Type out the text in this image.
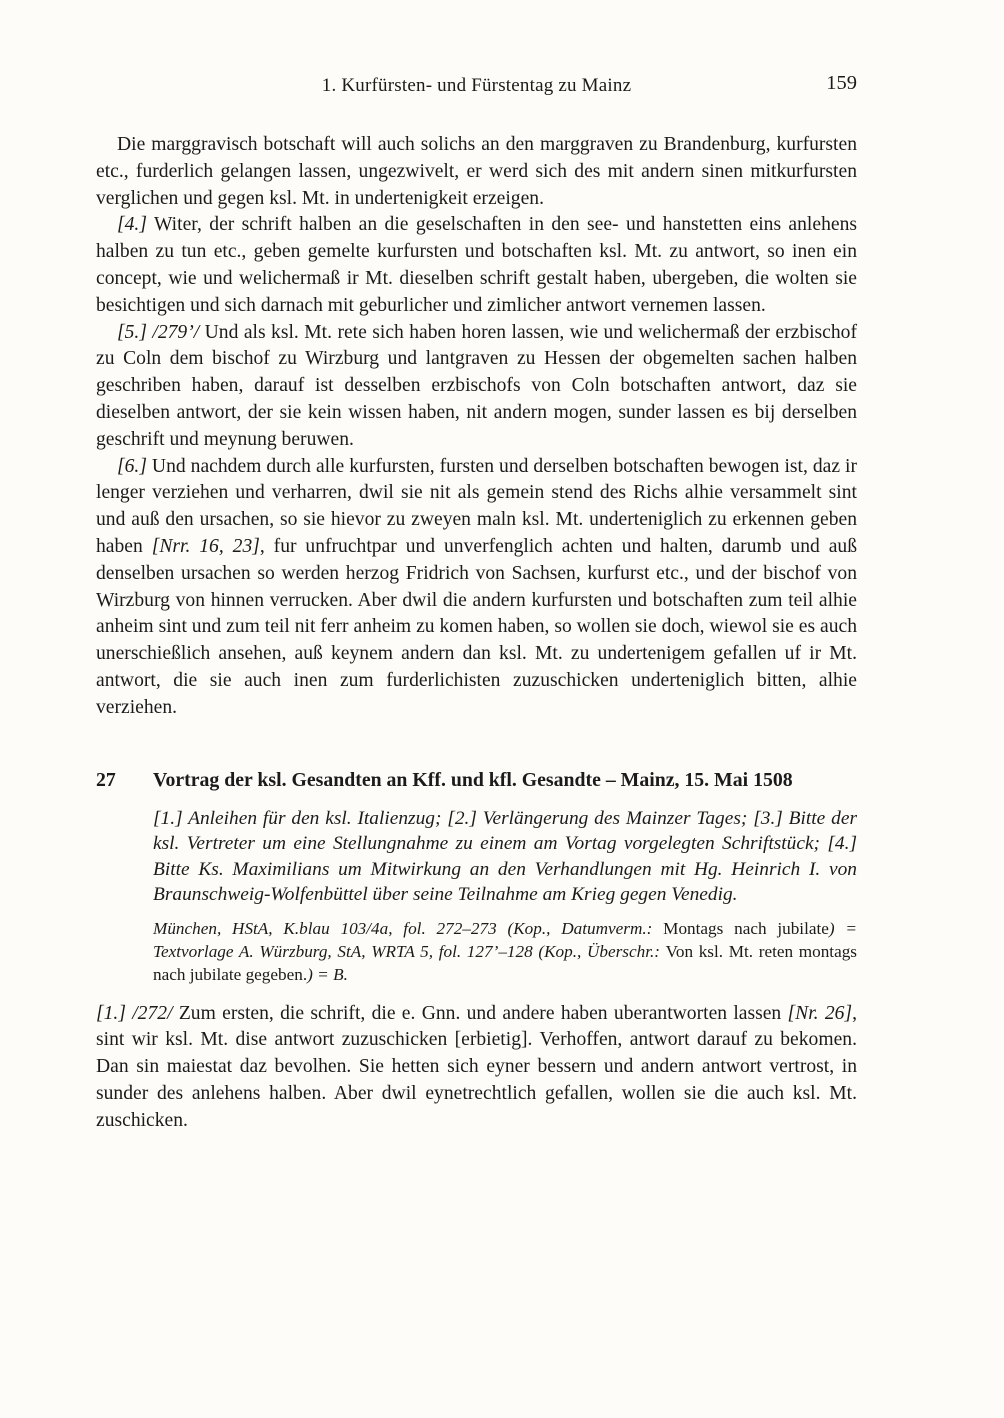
1. Kurfürsten- und Fürstentag zu Mainz	159

Die marggravisch botschaft will auch solichs an den marggraven zu Brandenburg, kurfursten etc., furderlich gelangen lassen, ungezwivelt, er werd sich des mit andern sinen mitkurfursten verglichen und gegen ksl. Mt. in undertenigkeit erzeigen.

[4.] Witer, der schrift halben an die geselschaften in den see- und hanstetten eins anlehens halben zu tun etc., geben gemelte kurfursten und botschaften ksl. Mt. zu antwort, so inen ein concept, wie und welichermaß ir Mt. dieselben schrift gestalt haben, ubergeben, die wolten sie besichtigen und sich darnach mit geburlicher und zimlicher antwort vernemen lassen.

[5.] /279’/ Und als ksl. Mt. rete sich haben horen lassen, wie und welichermaß der erzbischof zu Coln dem bischof zu Wirzburg und lantgraven zu Hessen der obgemelten sachen halben geschriben haben, darauf ist desselben erzbischofs von Coln botschaften antwort, daz sie dieselben antwort, der sie kein wissen haben, nit andern mogen, sunder lassen es bij derselben geschrift und meynung beruwen.

[6.] Und nachdem durch alle kurfursten, fursten und derselben botschaften bewogen ist, daz ir lenger verziehen und verharren, dwil sie nit als gemein stend des Richs alhie versammelt sint und auß den ursachen, so sie hievor zu zweyen maln ksl. Mt. underteniglich zu erkennen geben haben [Nrr. 16, 23], fur unfruchtpar und unverfenglich achten und halten, darumb und auß denselben ursachen so werden herzog Fridrich von Sachsen, kurfurst etc., und der bischof von Wirzburg von hinnen verrucken. Aber dwil die andern kurfursten und botschaften zum teil alhie anheim sint und zum teil nit ferr anheim zu komen haben, so wollen sie doch, wiewol sie es auch unerschießlich ansehen, auß keynem andern dan ksl. Mt. zu undertenigem gefallen uf ir Mt. antwort, die sie auch inen zum furderlichisten zuzuschicken underteniglich bitten, alhie verziehen.

27	Vortrag der ksl. Gesandten an Kff. und kfl. Gesandte – Mainz, 15. Mai 1508

[1.] Anleihen für den ksl. Italienzug; [2.] Verlängerung des Mainzer Tages; [3.] Bitte der ksl. Vertreter um eine Stellungnahme zu einem am Vortag vorgelegten Schriftstück; [4.] Bitte Ks. Maximilians um Mitwirkung an den Verhandlungen mit Hg. Heinrich I. von Braunschweig-Wolfenbüttel über seine Teilnahme am Krieg gegen Venedig.

München, HStA, K.blau 103/4a, fol. 272–273 (Kop., Datumverm.: Montags nach jubilate) = Textvorlage A. Würzburg, StA, WRTA 5, fol. 127’–128 (Kop., Überschr.: Von ksl. Mt. reten montags nach jubilate gegeben.) = B.

[1.] /272/ Zum ersten, die schrift, die e. Gnn. und andere haben uberantworten lassen [Nr. 26], sint wir ksl. Mt. dise antwort zuzuschicken [erbietig]. Verhoffen, antwort darauf zu bekomen. Dan sin maiestat daz bevolhen. Sie hetten sich eyner bessern und andern antwort vertrost, in sunder des anlehens halben. Aber dwil eynetrechtlich gefallen, wollen sie die auch ksl. Mt. zuschicken.
